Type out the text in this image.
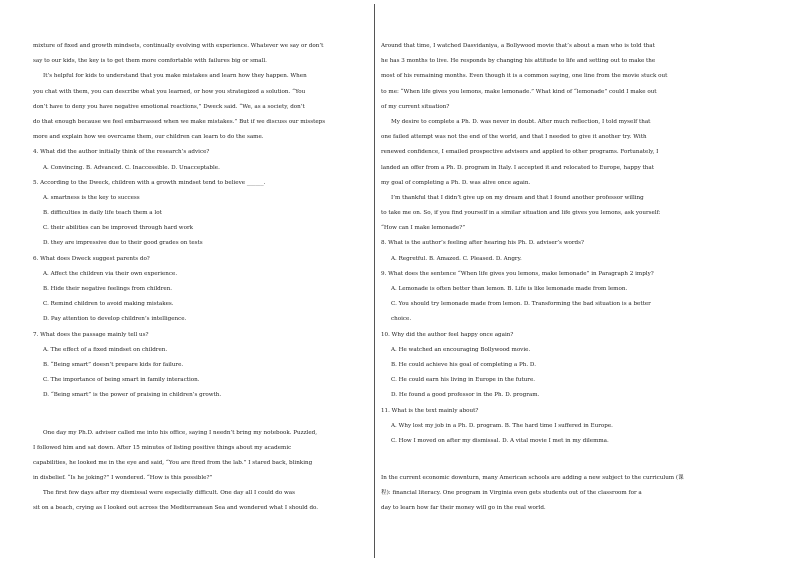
mixture of fixed and growth mindsets, continually evolving with experience. Whatever we say or don’t
say to our kids, the key is to get them more comfortable with failures big or small.
It’s helpful for kids to understand that you make mistakes and learn how they happen. When
you chat with them, you can describe what you learned, or how you strategized a solution. “You
don’t have to deny you have negative emotional reactions,” Dweck said. “We, as a society, don’t
do that enough because we feel embarrassed when we make mistakes.” But if we discuss our missteps
more and explain how we overcame them, our children can learn to do the same.
4. What did the author initially think of the research’s advice?
A. Convincing. B. Advanced. C. Inaccessible. D. Unacceptable.
5. According to the Dweck, children with a growth mindset tend to believe ______.
A. smartness is the key to success
B. difficulties in daily life teach them a lot
C. their abilities can be improved through hard work
D. they are impressive due to their good grades on tests
6. What does Dweck suggest parents do?
A. Affect the children via their own experience.
B. Hide their negative feelings from children.
C. Remind children to avoid making mistakes.
D. Pay attention to develop children’s intelligence.
7. What does the passage mainly tell us?
A. The effect of a fixed mindset on children.
B. “Being smart” doesn’t prepare kids for failure.
C. The importance of being smart in family interaction.
D. “Being smart” is the power of praising in children’s growth.
One day my Ph.D. adviser called me into his office, saying I needn’t bring my notebook. Puzzled,
I followed him and sat down. After 15 minutes of listing positive things about my academic
capabilities, he looked me in the eye and said, “You are fired from the lab.” I stared back, blinking
in disbelief. “Is he joking?” I wondered. “How is this possible?”
The first few days after my dismissal were especially difficult. One day all I could do was
sit on a beach, crying as I looked out across the Mediterranean Sea and wondered what I should do.
Around that time, I watched Dasvidaniya, a Bollywood movie that’s about a man who is told that
he has 3 months to live. He responds by changing his attitude to life and setting out to make the
most of his remaining months. Even though it is a common saying, one line from the movie stuck out
to me: “When life gives you lemons, make lemonade.” What kind of “lemonade” could I make out
of my current situation?
My desire to complete a Ph. D. was never in doubt. After much reflection, I told myself that
one failed attempt was not the end of the world, and that I needed to give it another try. With
renewed confidence, I emailed prospective advisers and applied to other programs. Fortunately, I
landed an offer from a Ph. D. program in Italy. I accepted it and relocated to Europe, happy that
my goal of completing a Ph. D. was alive once again.
I’m thankful that I didn’t give up on my dream and that I found another professor willing
to take me on. So, if you find yourself in a similar situation and life gives you lemons, ask yourself:
“How can I make lemonade?”
8. What is the author’s feeling after hearing his Ph. D. adviser’s words?
A. Regretful. B. Amazed. C. Pleased. D. Angry.
9. What does the sentence “When life gives you lemons, make lemonade” in Paragraph 2 imply?
A. Lemonade is often better than lemon. B. Life is like lemonade made from lemon.
C. You should try lemonade made from lemon. D. Transforming the bad situation is a better
choice.
10. Why did the author feel happy once again?
A. He watched an encouraging Bollywood movie.
B. He could achieve his goal of completing a Ph. D.
C. He could earn his living in Europe in the future.
D. He found a good professor in the Ph. D. program.
11. What is the text mainly about?
A. Why lost my job in a Ph. D. program. B. The hard time I suffered in Europe.
C. How I moved on after my dismissal. D. A vital movie I met in my dilemma.
In the current economic downturn, many American schools are adding a new subject to the curriculum (课
程): financial literacy. One program in Virginia even gets students out of the classroom for a
day to learn how far their money will go in the real world.
